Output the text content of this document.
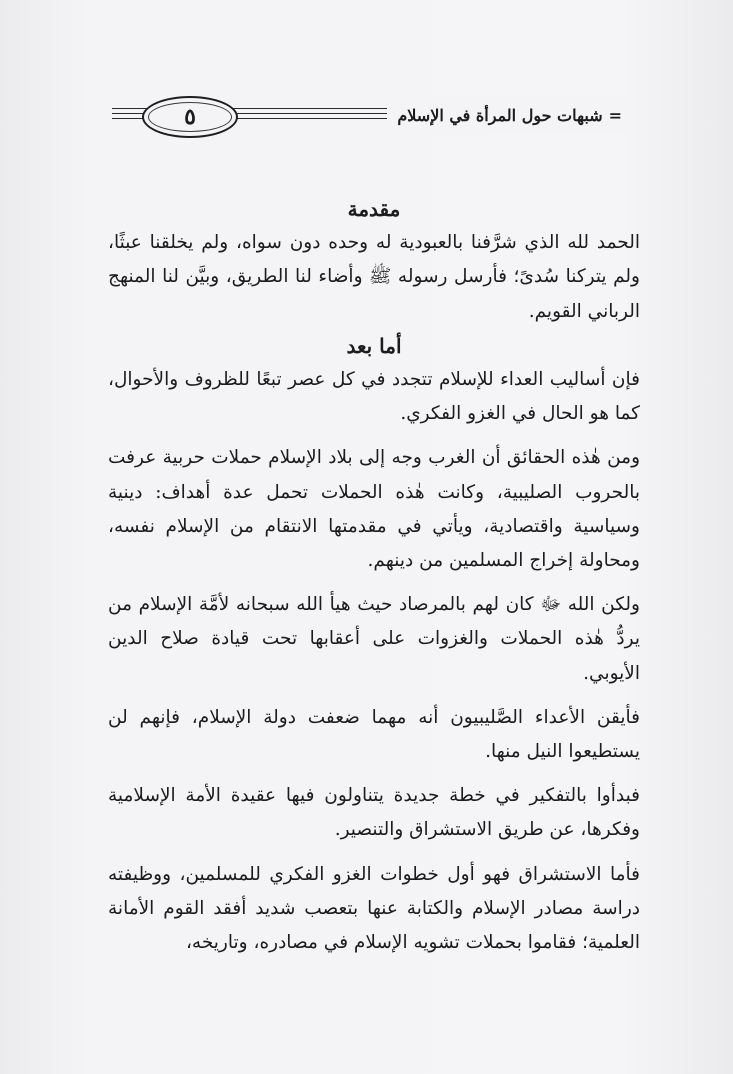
٥	=
شبهات حول المرأة في الإسلام

مقدمة

الحمد لله الذي شرَّفنا بالعبودية له وحده دون سواه، ولم يخلقنا عبثًا، ولم يتركنا سُدىً؛ فأرسل رسوله ﷺ وأضاء لنا الطريق، وبيَّن لنا المنهج الرباني القويم.

أما بعد

فإن أساليب العداء للإسلام تتجدد في كل عصر تبعًا للظروف والأحوال، كما هو الحال في الغزو الفكري.

ومن هٰذه الحقائق أن الغرب وجه إلى بلاد الإسلام حملات حربية عرفت بالحروب الصليبية، وكانت هٰذه الحملات تحمل عدة أهداف: دينية وسياسية واقتصادية، ويأتي في مقدمتها الانتقام من الإسلام نفسه، ومحاولة إخراج المسلمين من دينهم.

ولكن الله ﷻ كان لهم بالمرصاد حيث هيأ الله سبحانه لأمَّة الإسلام من يردُّ هٰذه الحملات والغزوات على أعقابها تحت قيادة صلاح الدين الأيوبي.

فأيقن الأعداء الصَّليبيون أنه مهما ضعفت دولة الإسلام، فإنهم لن يستطيعوا النيل منها.

فبدأوا بالتفكير في خطة جديدة يتناولون فيها عقيدة الأمة الإسلامية وفكرها، عن طريق الاستشراق والتنصير.

فأما الاستشراق فهو أول خطوات الغزو الفكري للمسلمين، ووظيفته دراسة مصادر الإسلام والكتابة عنها بتعصب شديد أفقد القوم الأمانة العلمية؛ فقاموا بحملات تشويه الإسلام في مصادره، وتاريخه،
